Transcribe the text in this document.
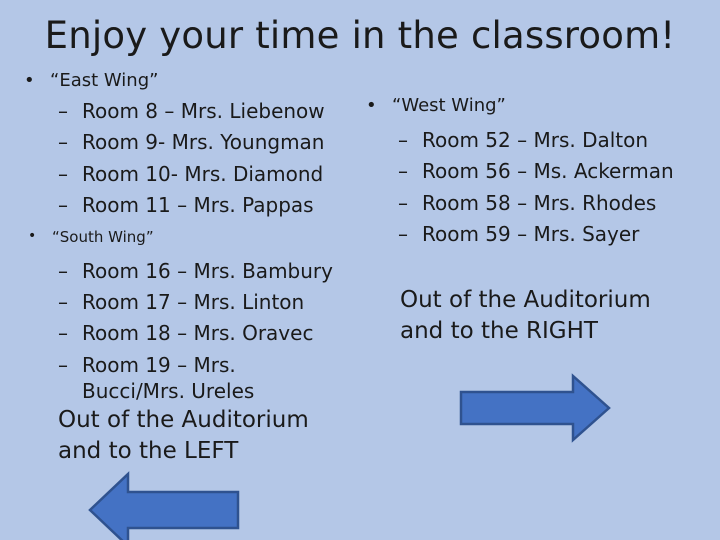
Enjoy your time in the classroom!
• “East Wing”
– Room 8 – Mrs. Liebenow
– Room 9- Mrs. Youngman
– Room 10- Mrs. Diamond
– Room 11 – Mrs. Pappas
• “South Wing”
– Room 16 – Mrs. Bambury
– Room 17 – Mrs. Linton
– Room 18 – Mrs. Oravec
– Room 19 – Mrs.
Bucci/Mrs. Ureles
• “West Wing”
– Room 52 – Mrs. Dalton
– Room 56 – Ms. Ackerman
– Room 58 – Mrs. Rhodes
– Room 59 – Mrs. Sayer
Out of the Auditorium
and to the RIGHT
Out of the Auditorium
and to the LEFT
